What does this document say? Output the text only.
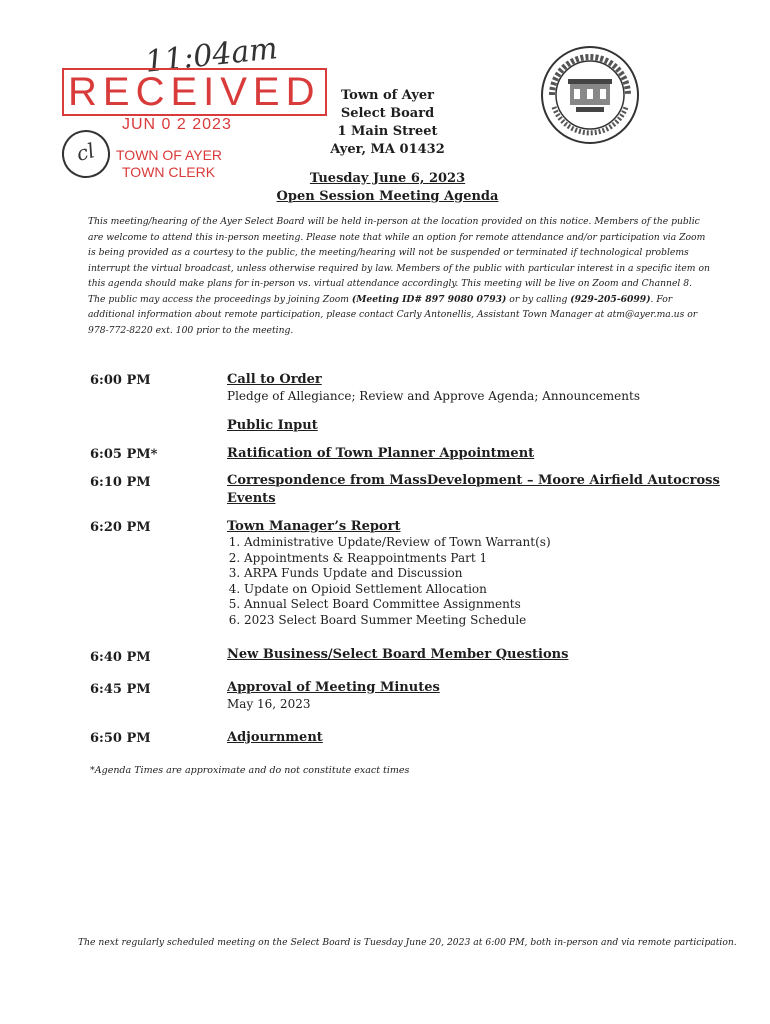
11:04am
RECEIVED
JUN 0 2 2023
cl	TOWN OF AYER
TOWN CLERK
Town of Ayer
Select Board
1 Main Street
Ayer, MA 01432
Tuesday June 6, 2023
Open Session Meeting Agenda
This meeting/hearing of the Ayer Select Board will be held in-person at the location provided on this notice. Members of the public are welcome to attend this in-person meeting. Please note that while an option for remote attendance and/or participation via Zoom is being provided as a courtesy to the public, the meeting/hearing will not be suspended or terminated if technological problems interrupt the virtual broadcast, unless otherwise required by law. Members of the public with particular interest in a specific item on this agenda should make plans for in-person vs. virtual attendance accordingly. This meeting will be live on Zoom and Channel 8. The public may access the proceedings by joining Zoom (Meeting ID# 897 9080 0793) or by calling (929-205-6099). For additional information about remote participation, please contact Carly Antonellis, Assistant Town Manager at atm@ayer.ma.us or 978-772-8220 ext. 100 prior to the meeting.
6:00 PM	Call to Order
Pledge of Allegiance; Review and Approve Agenda; Announcements
Public Input
6:05 PM*	Ratification of Town Planner Appointment
6:10 PM	Correspondence from MassDevelopment – Moore Airfield Autocross
Events
6:20 PM	Town Manager’s Report
1. Administrative Update/Review of Town Warrant(s)
2. Appointments & Reappointments Part 1
3. ARPA Funds Update and Discussion
4. Update on Opioid Settlement Allocation
5. Annual Select Board Committee Assignments
6. 2023 Select Board Summer Meeting Schedule
6:40 PM	New Business/Select Board Member Questions
6:45 PM	Approval of Meeting Minutes
May 16, 2023
6:50 PM	Adjournment
*Agenda Times are approximate and do not constitute exact times
The next regularly scheduled meeting on the Select Board is Tuesday June 20, 2023 at 6:00 PM, both in-person and via remote participation.
